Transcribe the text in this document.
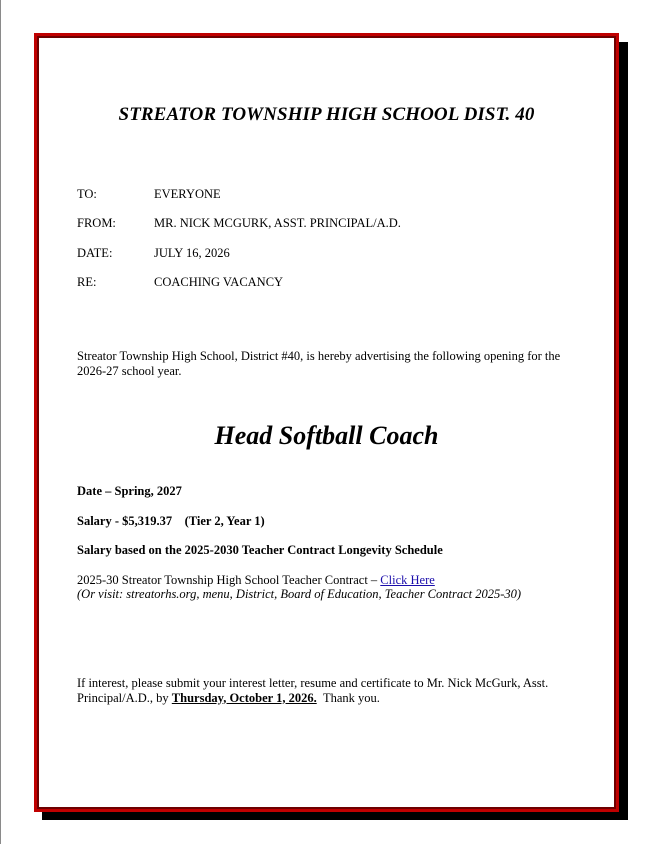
STREATOR TOWNSHIP HIGH SCHOOL DIST. 40
TO:	EVERYONE
FROM:	MR. NICK MCGURK, ASST. PRINCIPAL/A.D.
DATE:	JULY 16, 2026
RE:	COACHING VACANCY
Streator Township High School, District #40, is hereby advertising the following opening for the
2026-27 school year.
Head Softball Coach
Date – Spring, 2027
Salary - $5,319.37    (Tier 2, Year 1)
Salary based on the 2025-2030 Teacher Contract Longevity Schedule
2025-30 Streator Township High School Teacher Contract – Click Here
(Or visit: streatorhs.org, menu, District, Board of Education, Teacher Contract 2025-30)
If interest, please submit your interest letter, resume and certificate to Mr. Nick McGurk, Asst.
Principal/A.D., by Thursday, October 1, 2026. Thank you.
